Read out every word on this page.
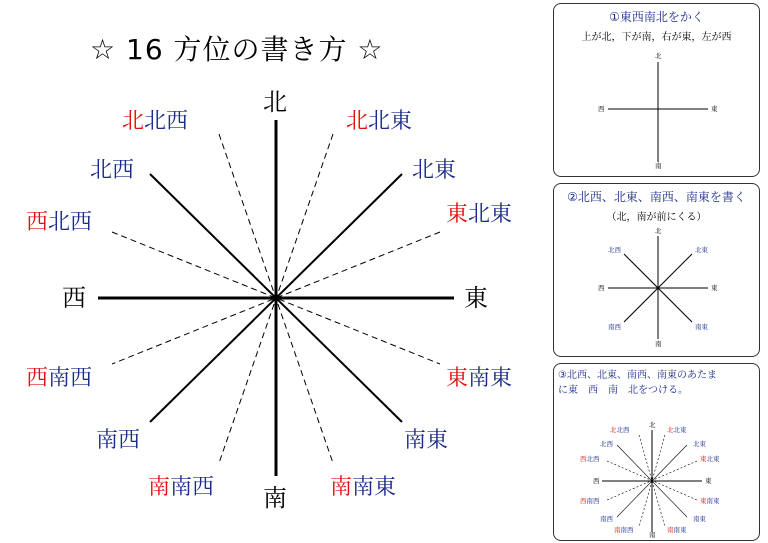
☆ 16 方位の書き方 ☆
北
南
西	東
北西	北東
南西	南東
北北西	北北東
西北西	東北東
西南西	東南東
南南西	南南東
①東西南北をかく
上が北，下が南，右が東，左が西
北
南
西	東
②北西、北東、南西、南東を書く
（北，南が前にくる）
北
南
西	東
北西	北東
南西	南東
③北西、北東、南西、南東のあたま
に東　西　南　北をつける。
北
南
西	東
北西	北東
南西	南東
北北西	北北東
西北西	東北東
西南西	東南東
南南西	南南東
